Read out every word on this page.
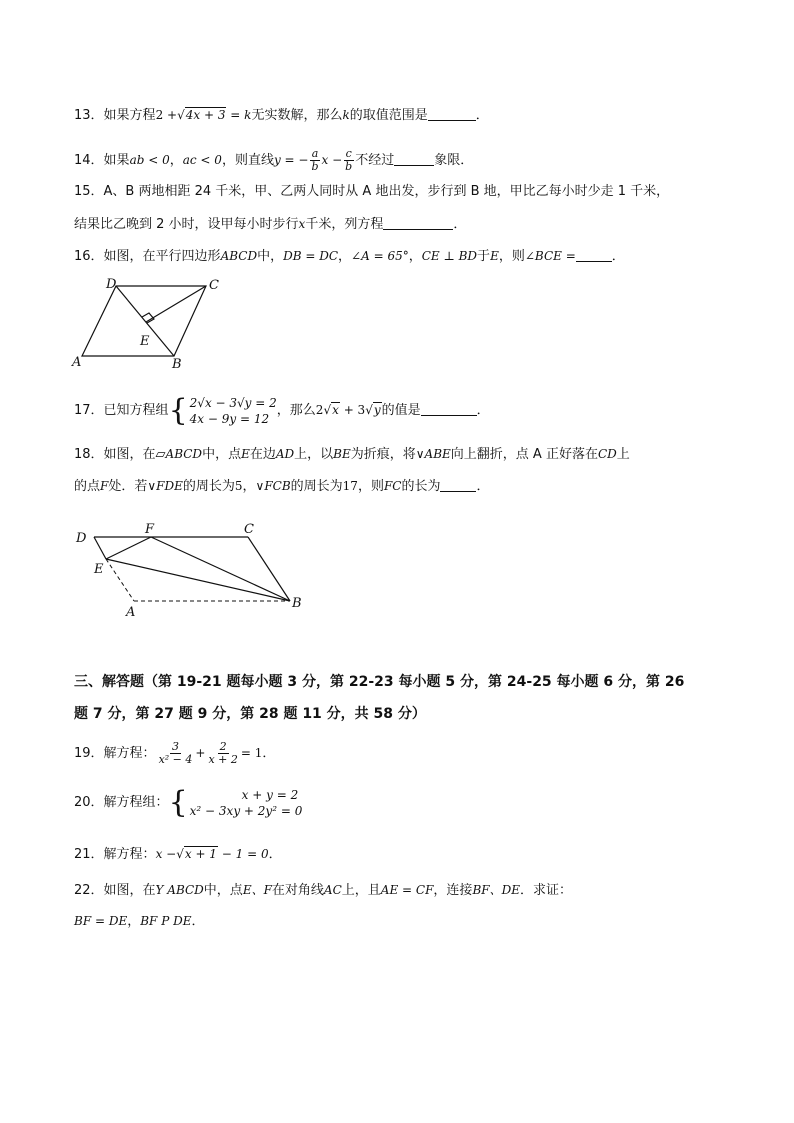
13．如果方程2 +√4x + 3 = k无实数解，那么k的取值范围是	．
14．如果ab < 0，ac < 0，则直线y = − $\frac{a}{b}$ $x - \frac{c}{b}$ 不经过	象限．
15．A、B 两地相距 24 千米，甲、乙两人同时从 A 地出发，步行到 B 地，甲比乙每小时少走 1 千米，
结果比乙晚到 2 小时，设甲每小时步行x千米，列方程	．
16．如图，在平行四边形ABCD中，DB = DC，∠A = 65°，CE ⊥ BD于E，则∠BCE =	．
D	C
E
A	B
17．已知方程组 { 2√x − 3√y = 2
4x − 9y = 12
，那么2√x + 3√y的值是	．
18．如图，在▱ABCD中，点E在边AD上，以BE为折痕，将∨ABE向上翻折，点 A 正好落在CD上
的点F处．若∨FDE的周长为5，∨FCB的周长为17，则FC的长为	．
D
F	C
E
A
B
三、解答题（第 19-21 题每小题 3 分，第 22-23 每小题 5 分，第 24-25 每小题 6 分，第 26
题 7 分，第 27 题 9 分，第 28 题 11 分，共 58 分）
19．解方程： $\frac{3}{\text{x² − 4}} + \frac{2}{x + 2} = 1$．
20．解方程组： {	x + y = 2
x² − 3xy + 2y² = 0
21．解方程：x −√x + 1 − 1 = 0．
22．如图，在Y ABCD中，点E、F在对角线AC上，且AE = CF，连接BF、DE．求证：
BF = DE，BF P DE．
